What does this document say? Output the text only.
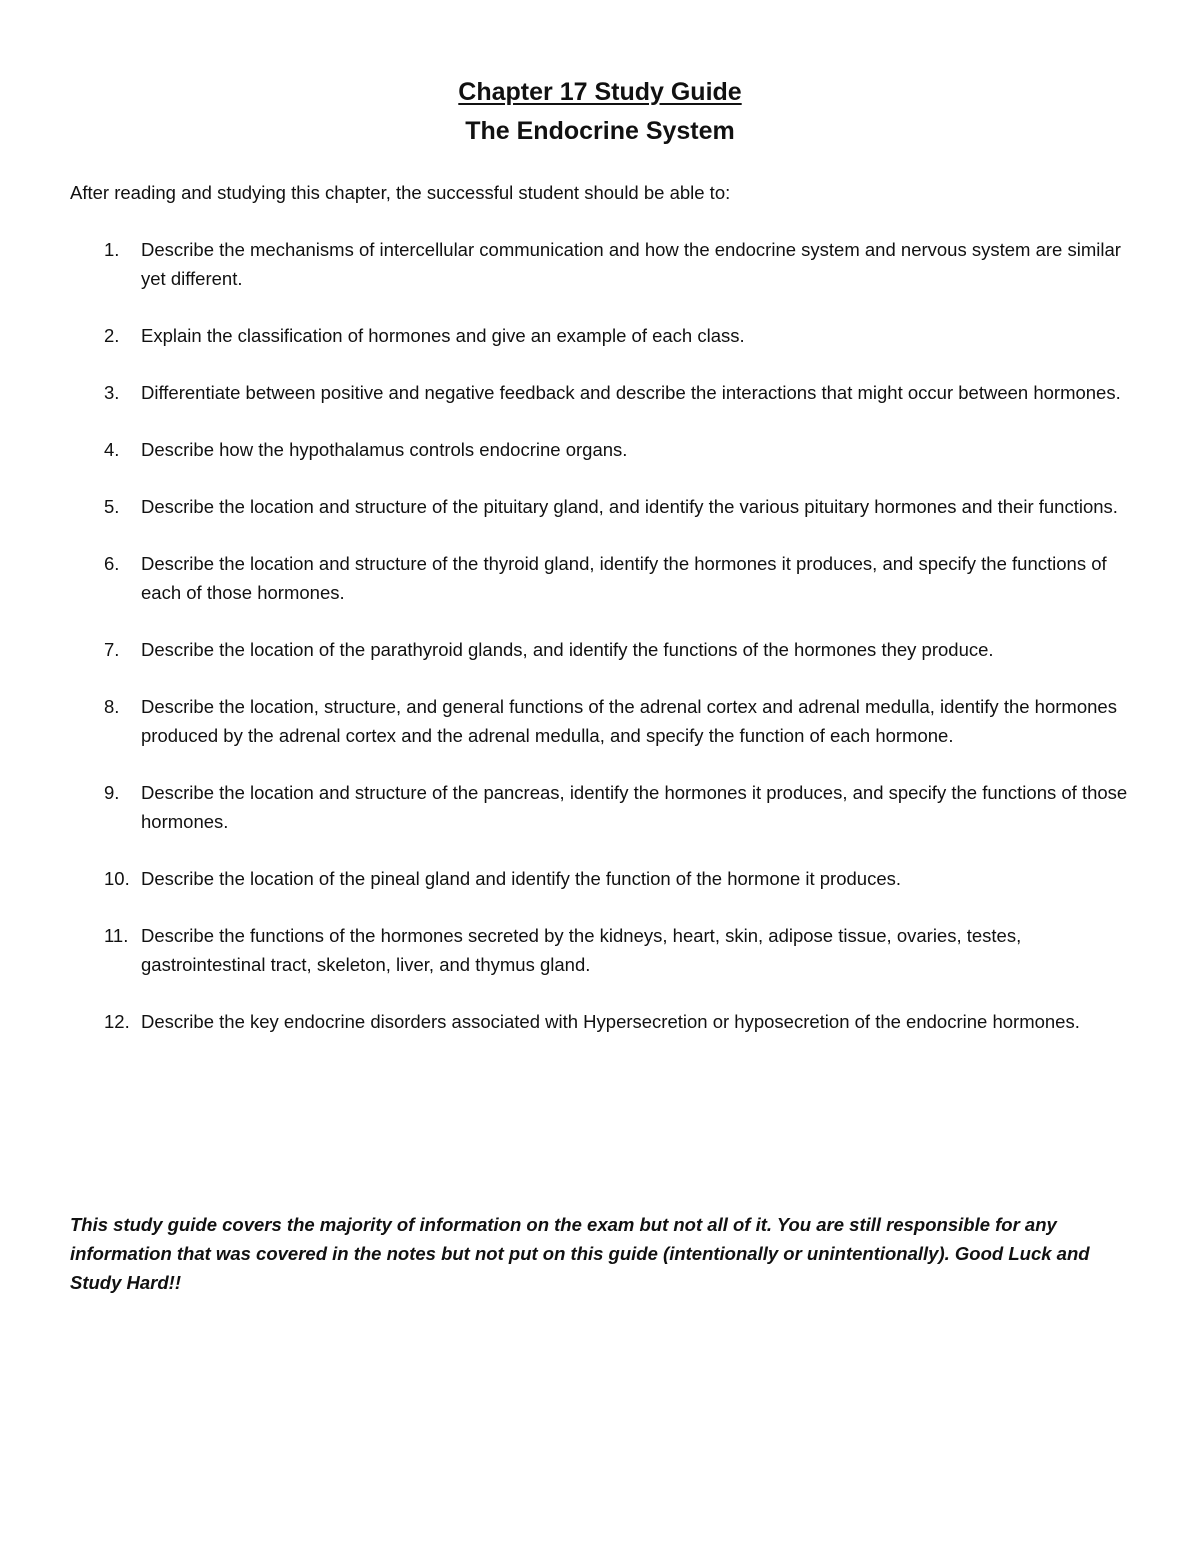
Chapter 17 Study Guide
The Endocrine System
After reading and studying this chapter, the successful student should be able to:
1. Describe the mechanisms of intercellular communication and how the endocrine system and nervous system are similar yet different.
2. Explain the classification of hormones and give an example of each class.
3. Differentiate between positive and negative feedback and describe the interactions that might occur between hormones.
4. Describe how the hypothalamus controls endocrine organs.
5. Describe the location and structure of the pituitary gland, and identify the various pituitary hormones and their functions.
6. Describe the location and structure of the thyroid gland, identify the hormones it produces, and specify the functions of each of those hormones.
7. Describe the location of the parathyroid glands, and identify the functions of the hormones they produce.
8. Describe the location, structure, and general functions of the adrenal cortex and adrenal medulla, identify the hormones produced by the adrenal cortex and the adrenal medulla, and specify the function of each hormone.
9. Describe the location and structure of the pancreas, identify the hormones it produces, and specify the functions of those hormones.
10. Describe the location of the pineal gland and identify the function of the hormone it produces.
11. Describe the functions of the hormones secreted by the kidneys, heart, skin, adipose tissue, ovaries, testes, gastrointestinal tract, skeleton, liver, and thymus gland.
12. Describe the key endocrine disorders associated with Hypersecretion or hyposecretion of the endocrine hormones.
This study guide covers the majority of information on the exam but not all of it. You are still responsible for any information that was covered in the notes but not put on this guide (intentionally or unintentionally). Good Luck and Study Hard!!
